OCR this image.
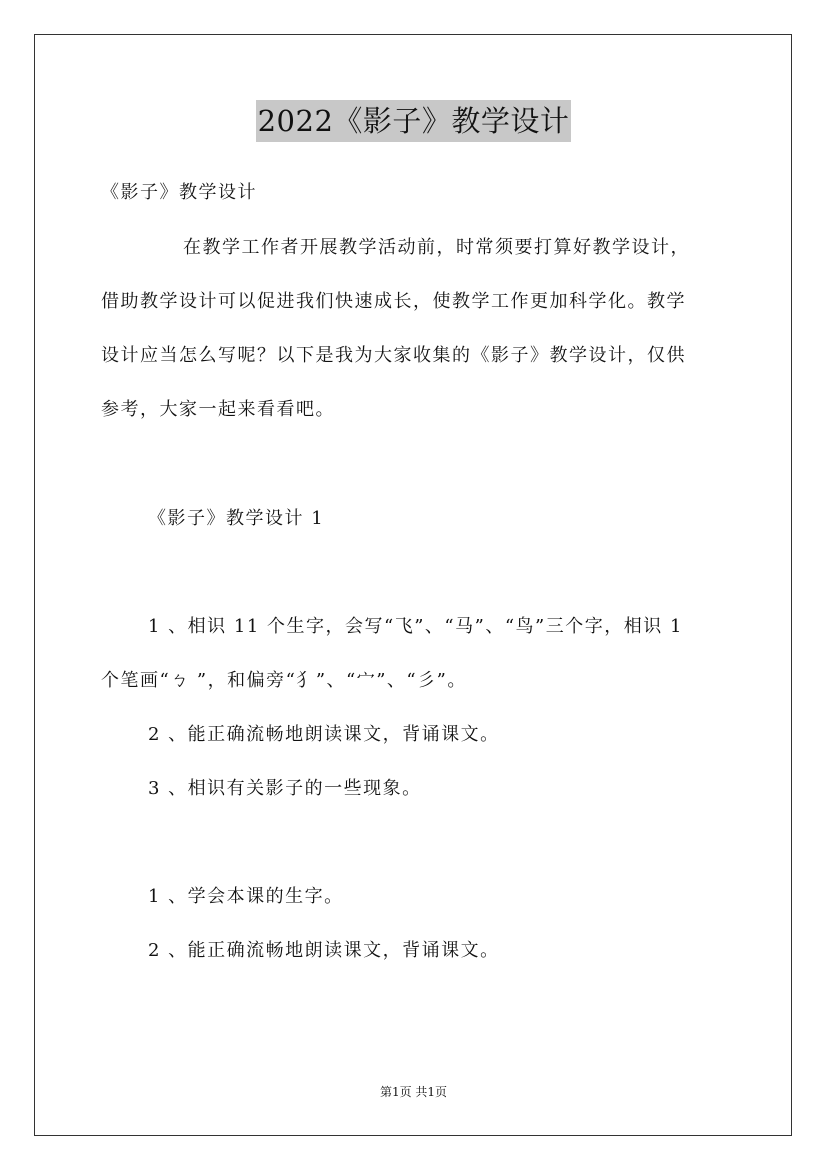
2022《影子》教学设计
《影子》教学设计
在教学工作者开展教学活动前，时常须要打算好教学设计，
借助教学设计可以促进我们快速成长，使教学工作更加科学化。教学
设计应当怎么写呢？以下是我为大家收集的《影子》教学设计，仅供
参考，大家一起来看看吧。
《影子》教学设计 1
1 、相识 11 个生字，会写“飞”、“马”、“鸟”三个字，相识 1
个笔画“ㄅ ”，和偏旁“犭”、“宀”、“彡”。
2 、能正确流畅地朗读课文，背诵课文。
3 、相识有关影子的一些现象。
1 、学会本课的生字。
2 、能正确流畅地朗读课文，背诵课文。
第1页 共1页
